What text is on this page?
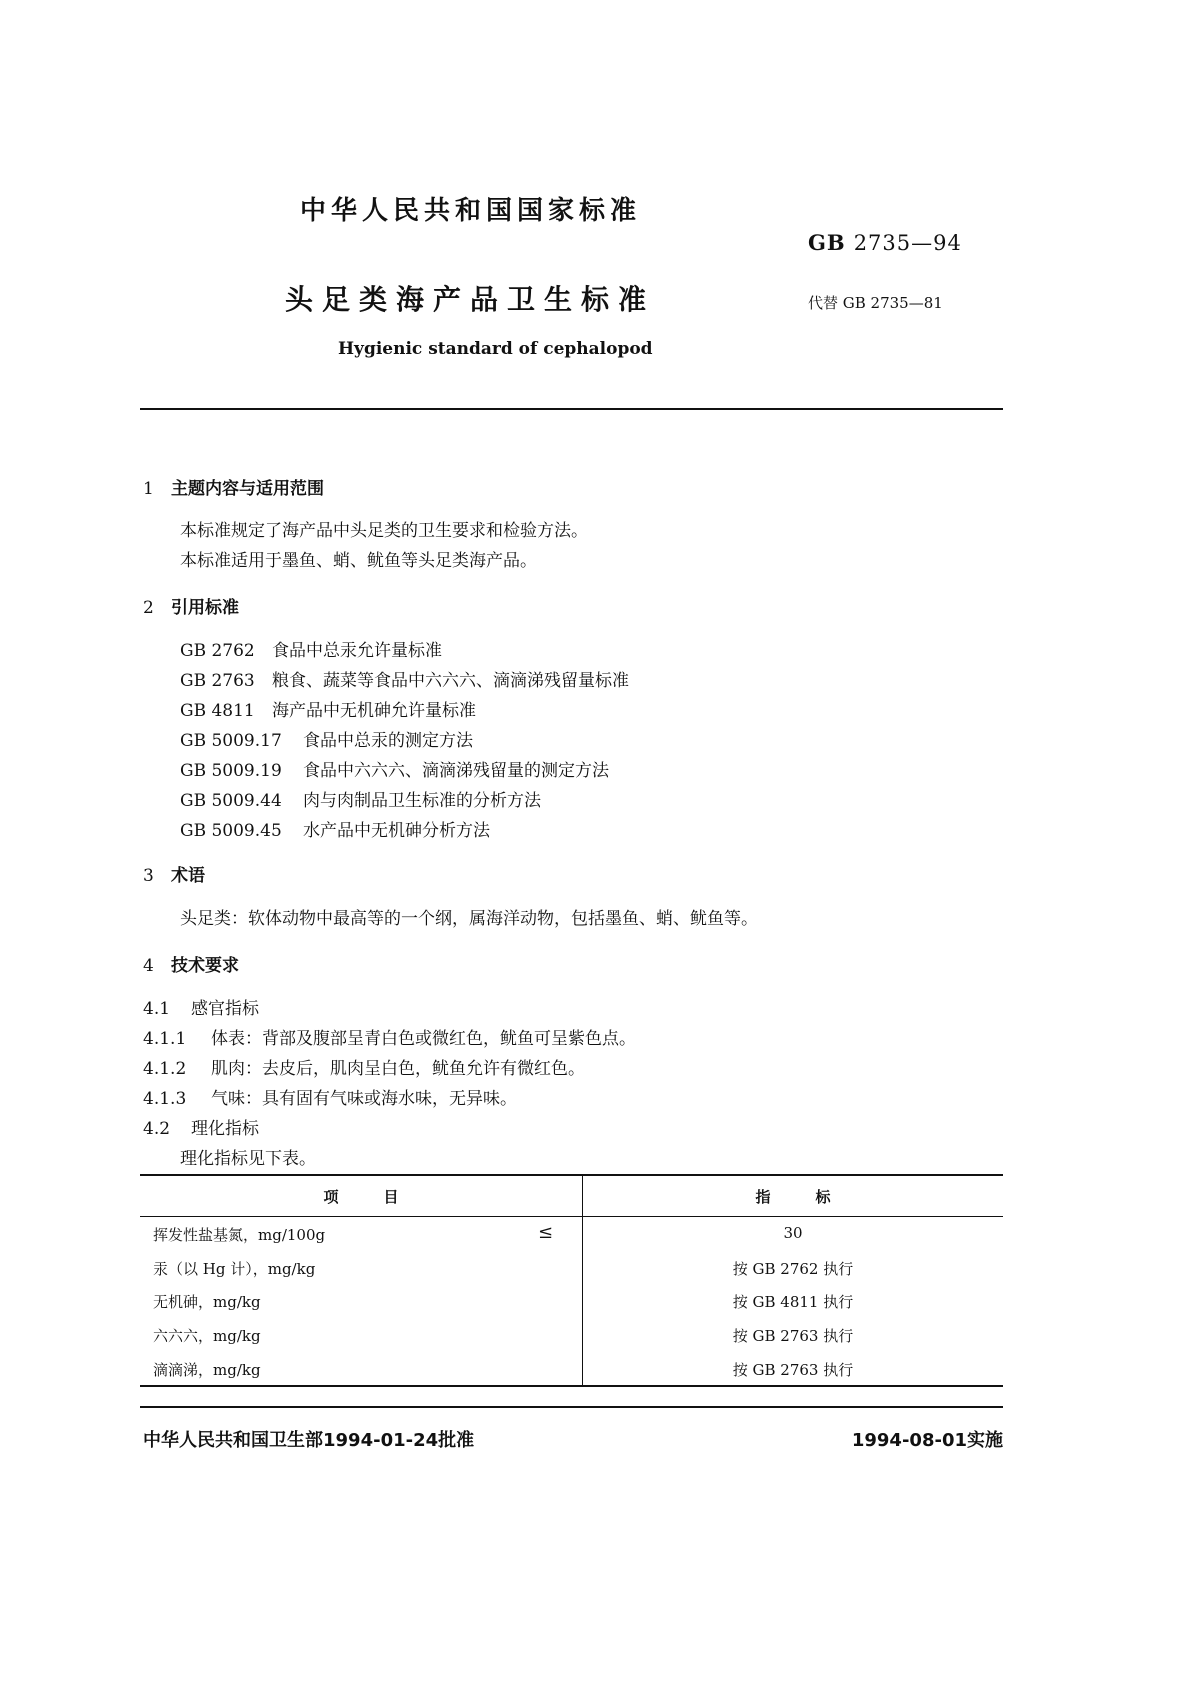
中华人民共和国国家标准
GB 2735—94
头足类海产品卫生标准	代替 GB 2735—81
Hygienic standard of cephalopod
1 主题内容与适用范围
本标准规定了海产品中头足类的卫生要求和检验方法。
本标准适用于墨鱼、蛸、鱿鱼等头足类海产品。
2 引用标准
GB 2762 食品中总汞允许量标准
GB 2763 粮食、蔬菜等食品中六六六、滴滴涕残留量标准
GB 4811 海产品中无机砷允许量标准
GB 5009.17 食品中总汞的测定方法
GB 5009.19 食品中六六六、滴滴涕残留量的测定方法
GB 5009.44 肉与肉制品卫生标准的分析方法
GB 5009.45 水产品中无机砷分析方法
3 术语
头足类：软体动物中最高等的一个纲，属海洋动物，包括墨鱼、蛸、鱿鱼等。
4 技术要求
4.1 感官指标
4.1.1 体表：背部及腹部呈青白色或微红色，鱿鱼可呈紫色点。
4.1.2 肌肉：去皮后，肌肉呈白色，鱿鱼允许有微红色。
4.1.3 气味：具有固有气味或海水味，无异味。
4.2 理化指标
理化指标见下表。
项　　　目	指　　　标
挥发性盐基氮，mg/100g	≤	30
汞（以 Hg 计），mg/kg	按 GB 2762 执行
无机砷，mg/kg	按 GB 4811 执行
六六六，mg/kg	按 GB 2763 执行
滴滴涕，mg/kg	按 GB 2763 执行
中华人民共和国卫生部1994-01-24批准	1994-08-01实施
